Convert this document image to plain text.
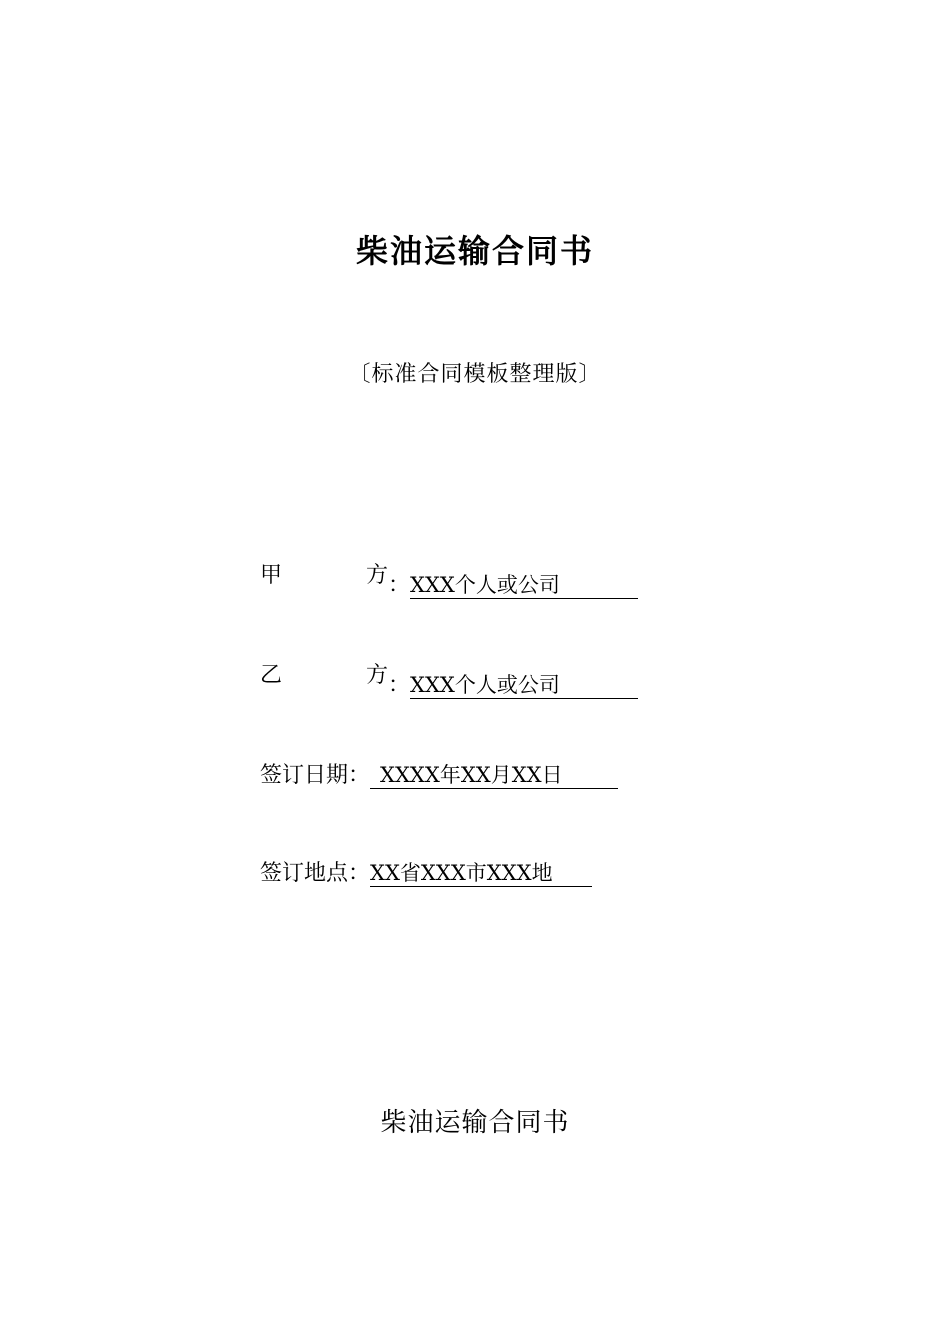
柴油运输合同书
〔标准合同模板整理版〕
甲	方 ： XXX个人或公司
乙	方 ： XXX个人或公司
签订日期： XXXX年XX月XX日
签订地点： XX省XXX市XXX地
柴油运输合同书
